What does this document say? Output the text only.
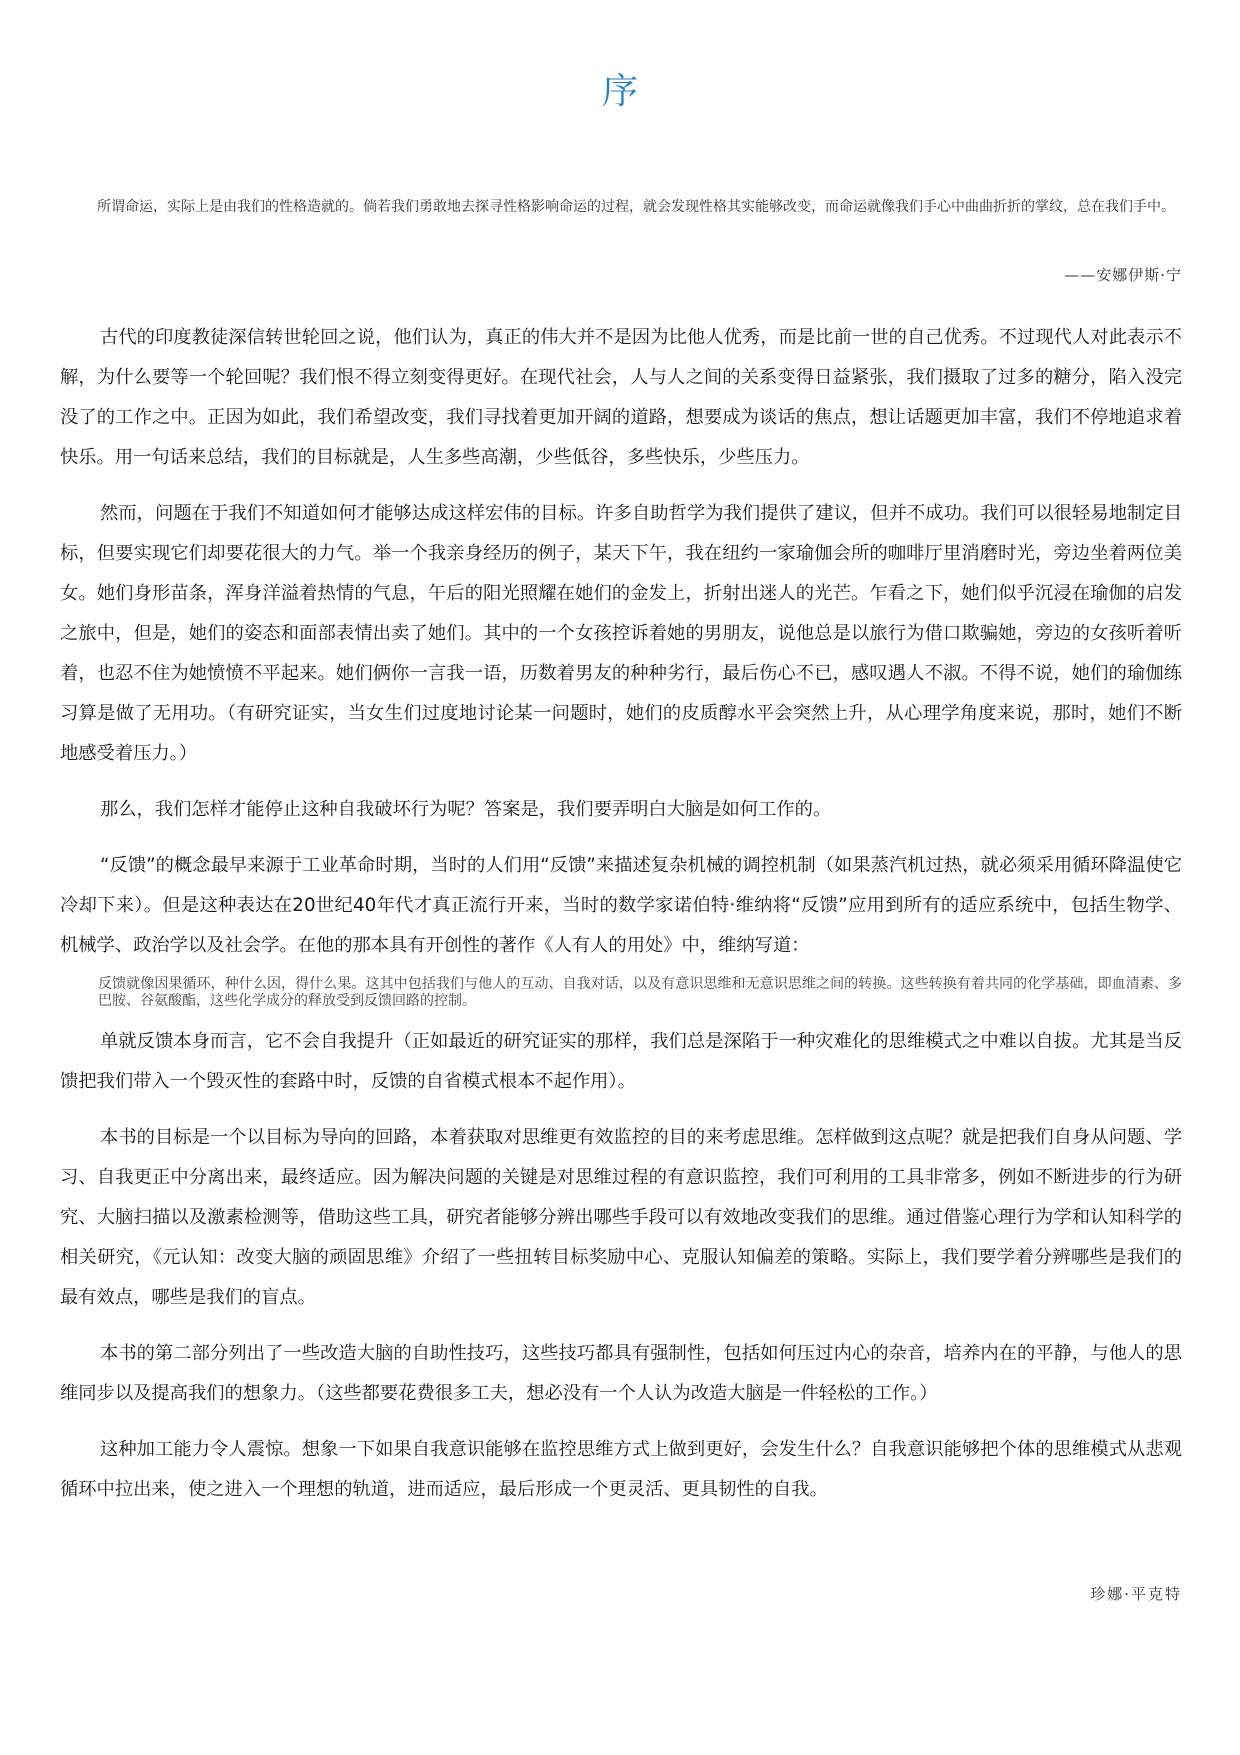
序

所谓命运，实际上是由我们的性格造就的。倘若我们勇敢地去探寻性格影响命运的过程，就会发现性格其实能够改变，而命运就像我们手心中曲曲折折的掌纹，总在我们手中。

——安娜伊斯·宁

古代的印度教徒深信转世轮回之说，他们认为，真正的伟大并不是因为比他人优秀，而是比前一世的自己优秀。不过现代人对此表示不解，为什么要等一个轮回呢？我们恨不得立刻变得更好。在现代社会，人与人之间的关系变得日益紧张，我们摄取了过多的糖分，陷入没完没了的工作之中。正因为如此，我们希望改变，我们寻找着更加开阔的道路，想要成为谈话的焦点，想让话题更加丰富，我们不停地追求着快乐。用一句话来总结，我们的目标就是，人生多些高潮，少些低谷，多些快乐，少些压力。

然而，问题在于我们不知道如何才能够达成这样宏伟的目标。许多自助哲学为我们提供了建议，但并不成功。我们可以很轻易地制定目标，但要实现它们却要花很大的力气。举一个我亲身经历的例子，某天下午，我在纽约一家瑜伽会所的咖啡厅里消磨时光，旁边坐着两位美女。她们身形苗条，浑身洋溢着热情的气息，午后的阳光照耀在她们的金发上，折射出迷人的光芒。乍看之下，她们似乎沉浸在瑜伽的启发之旅中，但是，她们的姿态和面部表情出卖了她们。其中的一个女孩控诉着她的男朋友，说他总是以旅行为借口欺骗她，旁边的女孩听着听着，也忍不住为她愤愤不平起来。她们俩你一言我一语，历数着男友的种种劣行，最后伤心不已，感叹遇人不淑。不得不说，她们的瑜伽练习算是做了无用功。（有研究证实，当女生们过度地讨论某一问题时，她们的皮质醇水平会突然上升，从心理学角度来说，那时，她们不断地感受着压力。）

那么，我们怎样才能停止这种自我破坏行为呢？答案是，我们要弄明白大脑是如何工作的。

“反馈”的概念最早来源于工业革命时期，当时的人们用“反馈”来描述复杂机械的调控机制（如果蒸汽机过热，就必须采用循环降温使它冷却下来）。但是这种表达在20世纪40年代才真正流行开来，当时的数学家诺伯特·维纳将“反馈”应用到所有的适应系统中，包括生物学、机械学、政治学以及社会学。在他的那本具有开创性的著作《人有人的用处》中，维纳写道：

反馈就像因果循环，种什么因，得什么果。这其中包括我们与他人的互动、自我对话，以及有意识思维和无意识思维之间的转换。这些转换有着共同的化学基础，即血清素、多巴胺、谷氨酸酯，这些化学成分的释放受到反馈回路的控制。

单就反馈本身而言，它不会自我提升（正如最近的研究证实的那样，我们总是深陷于一种灾难化的思维模式之中难以自拔。尤其是当反馈把我们带入一个毁灭性的套路中时，反馈的自省模式根本不起作用）。

本书的目标是一个以目标为导向的回路，本着获取对思维更有效监控的目的来考虑思维。怎样做到这点呢？就是把我们自身从问题、学习、自我更正中分离出来，最终适应。因为解决问题的关键是对思维过程的有意识监控，我们可利用的工具非常多，例如不断进步的行为研究、大脑扫描以及激素检测等，借助这些工具，研究者能够分辨出哪些手段可以有效地改变我们的思维。通过借鉴心理行为学和认知科学的相关研究，《元认知：改变大脑的顽固思维》介绍了一些扭转目标奖励中心、克服认知偏差的策略。实际上，我们要学着分辨哪些是我们的最有效点，哪些是我们的盲点。

本书的第二部分列出了一些改造大脑的自助性技巧，这些技巧都具有强制性，包括如何压过内心的杂音，培养内在的平静，与他人的思维同步以及提高我们的想象力。（这些都要花费很多工夫，想必没有一个人认为改造大脑是一件轻松的工作。）

这种加工能力令人震惊。想象一下如果自我意识能够在监控思维方式上做到更好，会发生什么？自我意识能够把个体的思维模式从悲观循环中拉出来，使之进入一个理想的轨道，进而适应，最后形成一个更灵活、更具韧性的自我。

珍娜·平克特
